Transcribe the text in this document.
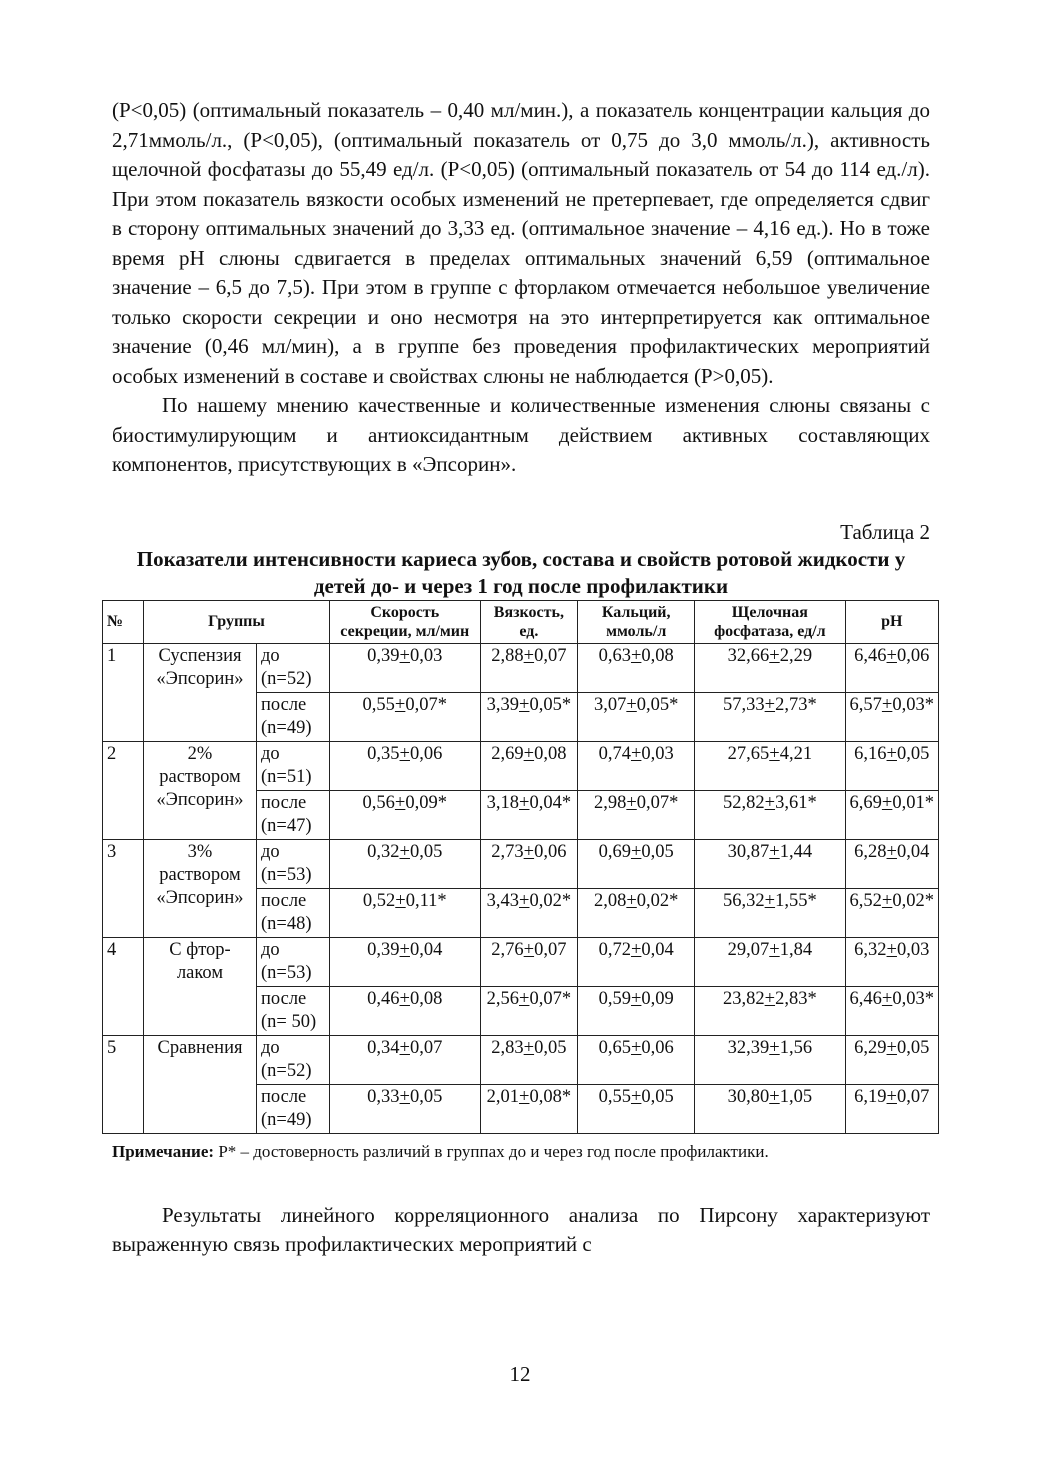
(Р<0,05) (оптимальный показатель – 0,40 мл/мин.), а показатель концентрации кальция до 2,71ммоль/л., (Р<0,05), (оптимальный показатель от 0,75 до 3,0 ммоль/л.), активность щелочной фосфатазы до 55,49 ед/л. (Р<0,05) (оптимальный показатель от 54 до 114 ед./л). При этом показатель вязкости особых изменений не претерпевает, где определяется сдвиг в сторону оптимальных значений до 3,33 ед. (оптимальное значение – 4,16 ед.). Но в тоже время рН слюны сдвигается в пределах оптимальных значений 6,59 (оптимальное значение – 6,5 до 7,5). При этом в группе с фторлаком отмечается небольшое увеличение только скорости секреции и оно несмотря на это интерпретируется как оптимальное значение (0,46 мл/мин), а в группе без проведения профилактических мероприятий особых изменений в составе и свойствах слюны не наблюдается (Р>0,05).

По нашему мнению качественные и количественные изменения слюны связаны с биостимулирующим и антиоксидантным действием активных составляющих компонентов, присутствующих в «Эпсорин».

Таблица 2

Показатели интенсивности кариеса зубов, состава и свойств ротовой жидкости у детей до- и через 1 год после профилактики

№	Группы		Скорость секреции, мл/мин	Вязкость, ед.	Кальций, ммоль/л	Щелочная фосфатаза, ед/л	рН
1	Суспензия «Эпсорин»	до (n=52)	0,39+0,03	2,88+0,07	0,63+0,08	32,66+2,29	6,46+0,06
		после (n=49)	0,55+0,07*	3,39+0,05*	3,07+0,05*	57,33+2,73*	6,57+0,03*
2	2% раствором «Эпсорин»	до (n=51)	0,35+0,06	2,69+0,08	0,74+0,03	27,65+4,21	6,16+0,05
		после (n=47)	0,56+0,09*	3,18+0,04*	2,98+0,07*	52,82+3,61*	6,69+0,01*
3	3% раствором «Эпсорин»	до (n=53)	0,32+0,05	2,73+0,06	0,69+0,05	30,87+1,44	6,28+0,04
		после (n=48)	0,52+0,11*	3,43+0,02*	2,08+0,02*	56,32+1,55*	6,52+0,02*
4	С фтор-лаком	до (n=53)	0,39+0,04	2,76+0,07	0,72+0,04	29,07+1,84	6,32+0,03
		после (n= 50)	0,46+0,08	2,56+0,07*	0,59+0,09	23,82+2,83*	6,46+0,03*
5	Сравнения	до (n=52)	0,34+0,07	2,83+0,05	0,65+0,06	32,39+1,56	6,29+0,05
		после (n=49)	0,33+0,05	2,01+0,08*	0,55+0,05	30,80+1,05	6,19+0,07

Примечание: Р* – достоверность различий в группах до и через год после профилактики.

Результаты линейного корреляционного анализа по Пирсону характеризуют выраженную связь профилактических мероприятий с

12
